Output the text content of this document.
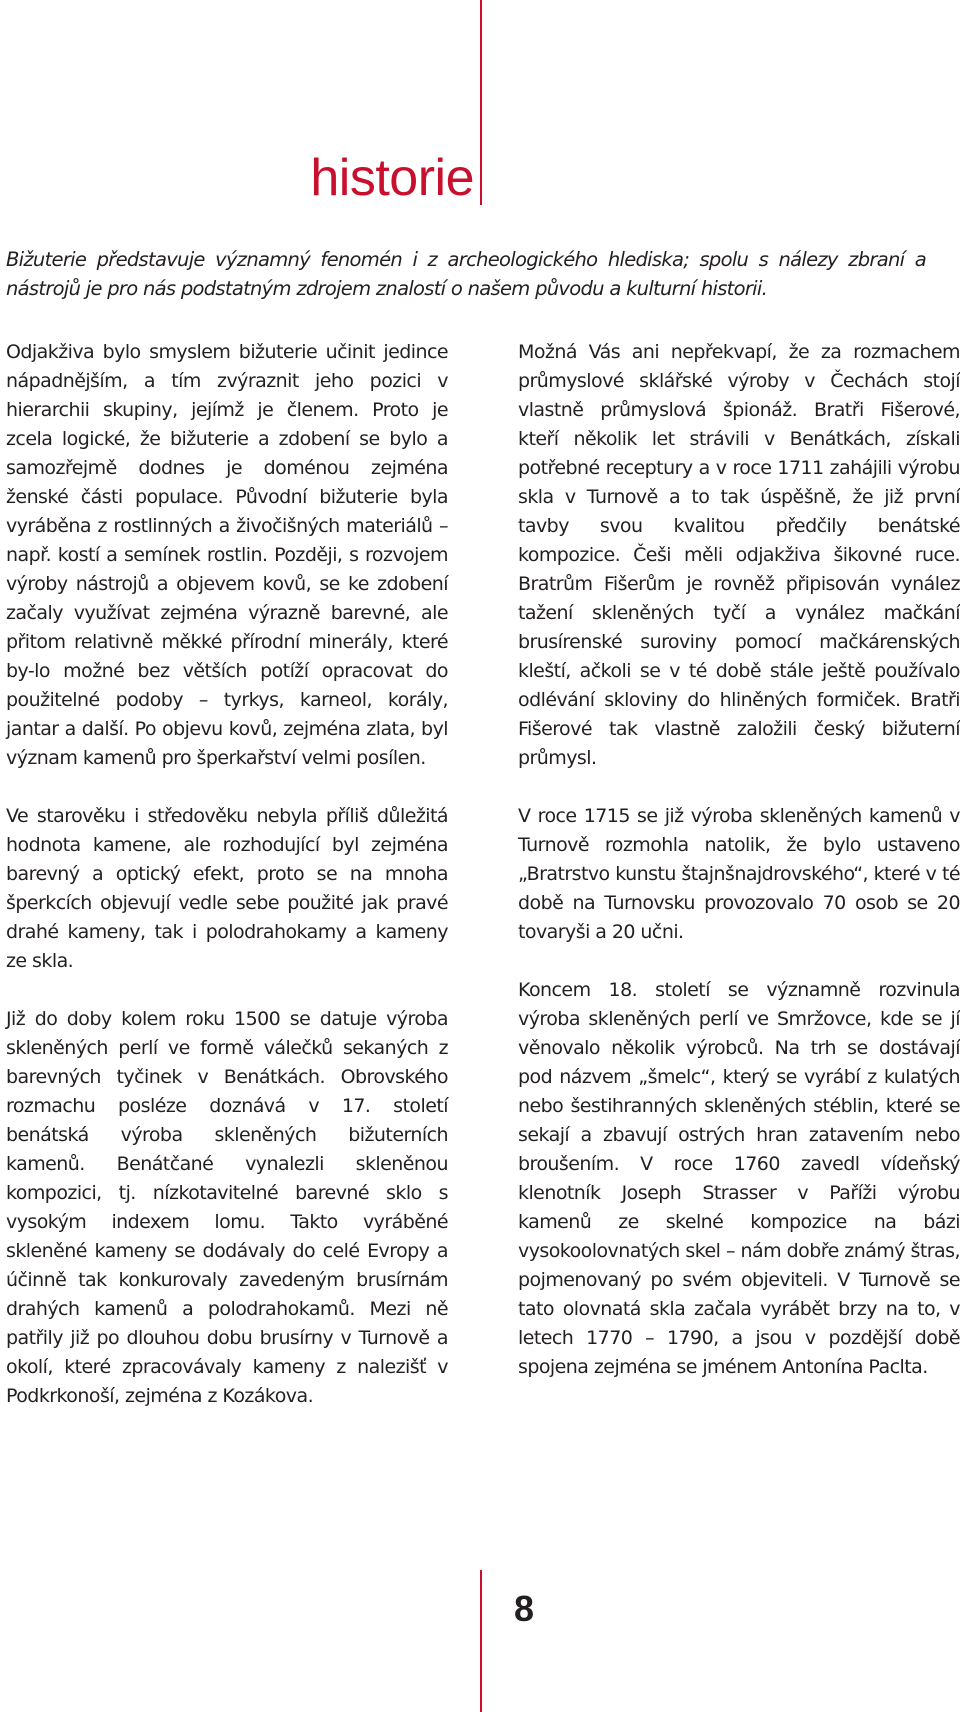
historie

Bižuterie představuje významný fenomén i z archeologického hlediska; spolu s nálezy zbraní a nástrojů je pro nás podstatným zdrojem znalostí o našem původu a kulturní historii.

Odjakživa bylo smyslem bižuterie učinit jedince nápadnějším, a tím zvýraznit jeho pozici v hierarchii skupiny, jejímž je členem. Proto je zcela logické, že bižuterie a zdobení se bylo a samozřejmě dodnes je doménou zejména ženské části populace. Původní bižuterie byla vyráběna z rostlinných a živočišných materiálů – např. kostí a semínek rostlin. Později, s rozvojem výroby nástrojů a objevem kovů, se ke zdobení začaly využívat zejména výrazně barevné, ale přitom relativně měkké přírodní minerály, které by-lo možné bez větších potíží opracovat do použitelné podoby – tyrkys, karneol, korály, jantar a další. Po objevu kovů, zejména zlata, byl význam kamenů pro šperkařství velmi posílen.

Ve starověku i středověku nebyla příliš důležitá hodnota kamene, ale rozhodující byl zejména barevný a optický efekt, proto se na mnoha šperkcích objevují vedle sebe použité jak pravé drahé kameny, tak i polodrahokamy a kameny ze skla.

Již do doby kolem roku 1500 se datuje výroba skleněných perlí ve formě válečků sekaných z barevných tyčinek v Benátkách. Obrovského rozmachu posléze doznává v 17. století benátská výroba skleněných bižuterních kamenů. Benátčané vynalezli skleněnou kompozici, tj. nízkotavitelné barevné sklo s vysokým indexem lomu. Takto vyráběné skleněné kameny se dodávaly do celé Evropy a účinně tak konkurovaly zavedeným brusírnám drahých kamenů a polodrahokamů. Mezi ně patřily již po dlouhou dobu brusírny v Turnově a okolí, které zpracovávaly kameny z nalezišť v Podkrkonoší, zejména z Kozákova.

Možná Vás ani nepřekvapí, že za rozmachem průmyslové sklářské výroby v Čechách stojí vlastně průmyslová špionáž. Bratři Fišerové, kteří několik let strávili v Benátkách, získali potřebné receptury a v roce 1711 zahájili výrobu skla v Turnově a to tak úspěšně, že již první tavby svou kvalitou předčily benátské kompozice. Češi měli odjakživa šikovné ruce. Bratrům Fišerům je rovněž připisován vynález tažení skleněných tyčí a vynález mačkání brusírenské suroviny pomocí mačkárenských kleští, ačkoli se v té době stále ještě používalo odlévání skloviny do hliněných formiček. Bratři Fišerové tak vlastně založili český bižuterní průmysl.

V roce 1715 se již výroba skleněných kamenů v Turnově rozmohla natolik, že bylo ustaveno „Bratrstvo kunstu štajnšnajdrovského“, které v té době na Turnovsku provozovalo 70 osob se 20 tovaryši a 20 učni.

Koncem 18. století se významně rozvinula výroba skleněných perlí ve Smržovce, kde se jí věnovalo několik výrobců. Na trh se dostávají pod názvem „šmelc“, který se vyrábí z kulatých nebo šestihranných skleněných stéblin, které se sekají a zbavují ostrých hran zatavením nebo broušením. V roce 1760 zavedl vídeňský klenotník Joseph Strasser v Paříži výrobu kamenů ze skelné kompozice na bázi vysokoolovnatých skel – nám dobře známý štras, pojmenovaný po svém objeviteli. V Turnově se tato olovnatá skla začala vyrábět brzy na to, v letech 1770 – 1790, a jsou v pozdější době spojena zejména se jménem Antonína Paclta.

8
